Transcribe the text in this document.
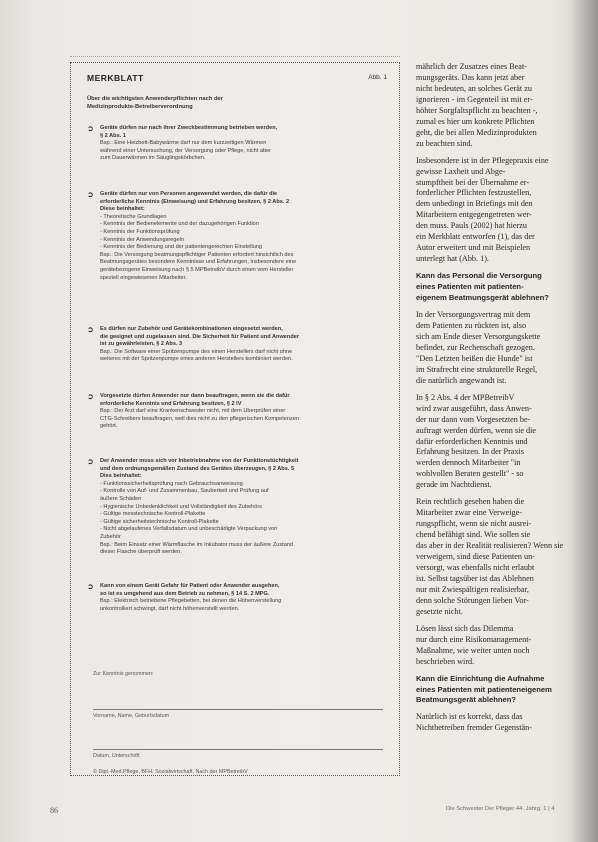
MERKBLATT	Abb. 1
Über die wichtigsten Anwenderpflichten nach der
Medizinprodukte-Betreiberverordnung
➲ Geräte dürfen nur nach ihrer Zweckbestimmung betrieben werden,
§ 2 Abs. 1
Bsp.: Eine Heizbett-Babywärme darf nur dem kurzzeitigen Wärmen
während einer Untersuchung, der Versorgung oder Pflege, nicht aber
zum Dauerwärmen im Säuglingskörbchen.
➲ Geräte dürfen nur von Personen angewendet werden, die dafür die
erforderliche Kenntnis (Einweisung) und Erfahrung besitzen, § 2 Abs. 2
Diese beinhaltet:
- Theoretische Grundlagen
- Kenntnis der Bedienelemente und der dazugehörigen Funktion
- Kenntnis der Funktionsprüfung
- Kenntnis der Anwendungsregeln
- Kenntnis der Bedienung und der patientengerechten Einstellung
Bsp.: Die Versorgung beatmungspflichtiger Patienten erfordert hinsichtlich des
Beatmungsgerätes besondere Kenntnisse und Erfahrungen, insbesondere eine
gerätebezogene Einweisung nach § 5 MPBetreibV durch einen vom Hersteller
speziell eingewiesenen Mitarbeiter.
➲ Es dürfen nur Zubehör und Gerätekombinationen eingesetzt werden,
die geeignet und zugelassen sind. Die Sicherheit für Patient und Anwender
ist zu gewährleisten, § 2 Abs. 3
Bsp.: Die Software einer Spritzenpumpe des einen Herstellers darf nicht ohne
weiteres mit der Spritzenpumpe eines anderen Herstellers kombiniert werden.
➲ Vorgesetzte dürfen Anwender nur dann beauftragen, wenn sie die dafür
erforderliche Kenntnis und Erfahrung besitzen, § 2 IV
Bsp.: Der Arzt darf eine Krankenschwester nicht, mit dem Überprüfen einer
CTG-Schreibers beauftragen, weil dies nicht zu den pflegerischen Kompetenzen
gehört.
➲ Der Anwender muss sich vor Inbetriebnahme von der Funktionstüchtigkeit
und dem ordnungsgemäßen Zustand des Gerätes überzeugen, § 2 Abs. 5
Dies beinhaltet:
- Funktionssicherheitsprüfung nach Gebrauchsanweisung
- Kontrolle von Auf- und Zusammenbau, Sauberkeit und Prüfung auf
äußere Schäden
- Hygienische Unbedenklichkeit und Vollständigkeit des Zubehörs
- Gültige messtechnische Kontroll-Plakette
- Gültige sicherheitstechnische Kontroll-Plakette
- Nicht abgelaufenes Verfallsdatum und unbeschädigte Verpackung von
Zubehör
Bsp.: Beim Einsatz einer Wärmflasche im Inkubator muss der äußere Zustand
dieser Flasche überprüft werden.
➲ Kann von einem Gerät Gefahr für Patient oder Anwender ausgehen,
so ist es umgehend aus dem Betrieb zu nehmen, § 14 S. 2 MPG.
Bsp.: Elektrisch betriebene Pflegebetten, bei denen die Höhenverstellung
unkontrolliert schwingt, darf nicht höhenverstellt werden.
Zur Kenntnis genommen:
Vorname, Name, Geburtsdatum
Datum, Unterschrift
© Dipl.-Med.Pflege, BFH, Sozialwirtschaft. Nach der MPBetreibV
mährlich der Zusatzes eines Beat-
mungsgeräts. Das kann jetzt aber
nicht bedeuten, an solches Gerät zu
ignorieren - im Gegenteil ist mit er-
höhter Sorgfaltspflicht zu beachten -,
zumal es hier um konkrete Pflichten
geht, die bei allen Medizinprodukten
zu beachten sind.
Insbesondere ist in der Pflegepraxis eine
gewisse Laxheit und Abge-
stumpftheit bei der Übernahme er-
forderlicher Pflichten festzustellen,
dem unbedingt in Briefings mit den
Mitarbeitern entgegengetreten wer-
den muss. Pauls (2002) hat hierzu
ein Merkblatt entworfen (1), das der
Autor erweitert und mit Beispielen
unterlegt hat (Abb. 1).
Kann das Personal die Versorgung
eines Patienten mit patienten-
eigenem Beatmungsgerät ablehnen?
In der Versorgungsvertrag mit dem
dem Patienten zu rückten ist, also
sich am Ende dieser Versorgungskette
befindet, zur Rechenschaft gezogen.
"Den Letzten beißen die Hunde" ist
im Strafrecht eine strukturelle Regel,
die natürlich angewandt ist.
In § 2 Abs. 4 der MPBetreibV
wird zwar ausgeführt, dass Anwen-
der nur dann vom Vorgesetzten be-
auftragt werden dürfen, wenn sie die
dafür erforderlichen Kenntnis und
Erfahrung besitzen. In der Praxis
werden dennoch Mitarbeiter "in
wohlvollen Beraten gestellt" - so
gerade im Nachtdienst.
Rein rechtlich gesehen haben die
Mitarbeiter zwar eine Verweige-
rungspflicht, wenn sie nicht ausrei-
chend befähigt sind. Wie sollen sie
das aber in der Realität realisieren? Wenn sie
verweigern, sind diese Patienten un-
versorgt, was ebenfalls nicht erlaubt
ist. Selbst tagsüber ist das Ablehnen
nur mit Zwiespältigen realisierbar,
denn solche Störungen lieben Vor-
gesetzte nicht.
Lösen lässt sich das Dilemma
nur durch eine Risikomanagement-
Maßnahme, wie weiter unten noch
beschrieben wird.
Kann die Einrichtung die Aufnahme
eines Patienten mit patienteneigenem
Beatmungsgerät ablehnen?
Natürlich ist es korrekt, dass das
Nichtbetreiben fremder Gegenstän-
86	Die Schwester Der Pfleger 44. Jahrg. 1 | 4
